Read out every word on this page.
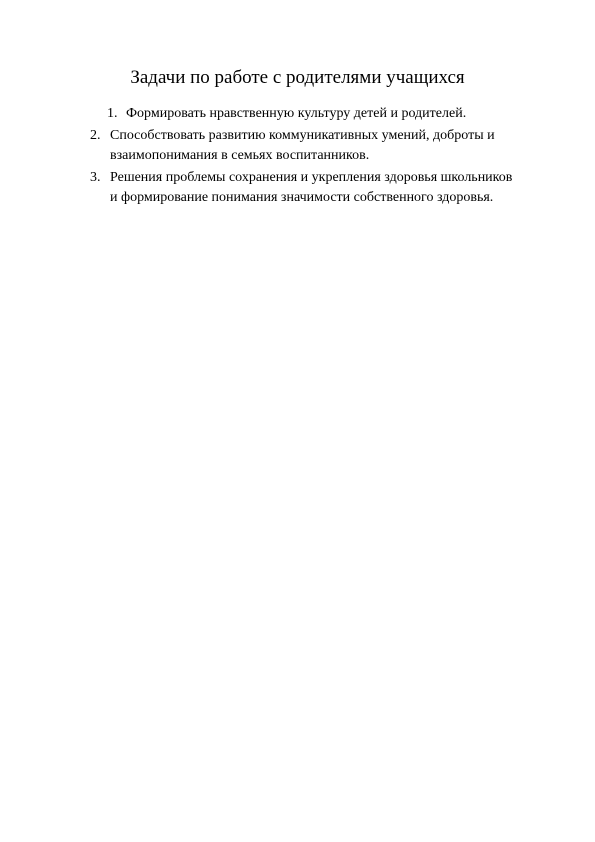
Задачи по работе с родителями учащихся
1. Формировать нравственную культуру детей и родителей.
2. Способствовать развитию коммуникативных умений, доброты и
взаимопонимания в семьях воспитанников.
3. Решения проблемы сохранения и укрепления здоровья школьников
и формирование понимания значимости собственного здоровья.
